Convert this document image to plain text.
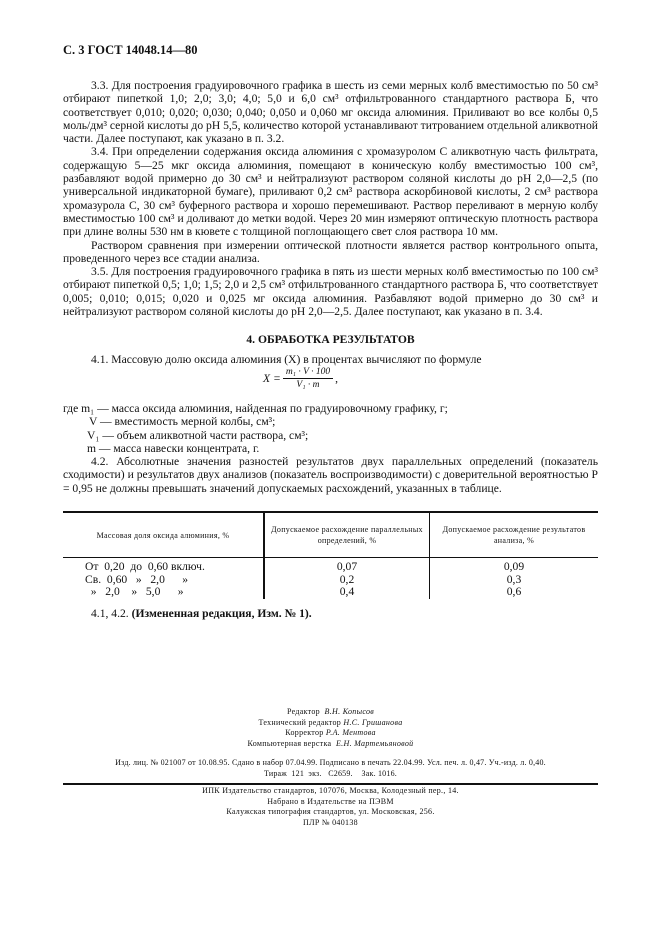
С. 3 ГОСТ 14048.14—80

3.3. Для построения градуировочного графика в шесть из семи мерных колб вместимостью по 50 см³ отбирают пипеткой 1,0; 2,0; 3,0; 4,0; 5,0 и 6,0 см³ отфильтрованного стандартного раствора Б, что соответствует 0,010; 0,020; 0,030; 0,040; 0,050 и 0,060 мг оксида алюминия. Приливают во все колбы 0,5 моль/дм³ серной кислоты до pH 5,5, количество которой устанавливают титрованием отдельной аликвотной части. Далее поступают, как указано в п. 3.2.

3.4. При определении содержания оксида алюминия с хромазуролом С аликвотную часть фильтрата, содержащую 5—25 мкг оксида алюминия, помещают в коническую колбу вместимостью 100 см³, разбавляют водой примерно до 30 см³ и нейтрализуют раствором соляной кислоты до pH 2,0—2,5 (по универсальной индикаторной бумаге), приливают 0,2 см³ раствора аскорбиновой кислоты, 2 см³ раствора хромазурола С, 30 см³ буферного раствора и хорошо перемешивают. Раствор переливают в мерную колбу вместимостью 100 см³ и доливают до метки водой. Через 20 мин измеряют оптическую плотность раствора при длине волны 530 нм в кювете с толщиной поглощающего свет слоя раствора 10 мм.

Раствором сравнения при измерении оптической плотности является раствор контрольного опыта, проведенного через все стадии анализа.

3.5. Для построения градуировочного графика в пять из шести мерных колб вместимостью по 100 см³ отбирают пипеткой 0,5; 1,0; 1,5; 2,0 и 2,5 см³ отфильтрованного стандартного раствора Б, что соответствует 0,005; 0,010; 0,015; 0,020 и 0,025 мг оксида алюминия. Разбавляют водой примерно до 30 см³ и нейтрализуют раствором соляной кислоты до pH 2,0—2,5. Далее поступают, как указано в п. 3.4.

4. ОБРАБОТКА РЕЗУЛЬТАТОВ

4.1. Массовую долю оксида алюминия (X) в процентах вычисляют по формуле

$X = \frac{\text{m₁ · V · 100}}{\text{V₁ · m}}$ ,
где m₁ — масса оксида алюминия, найденная по градуировочному графику, г;
V — вместимость мерной колбы, см³;
V₁ — объем аликвотной части раствора, см³;
m — масса навески концентрата, г.

4.2. Абсолютные значения разностей результатов двух параллельных определений (показатель сходимости) и результатов двух анализов (показатель воспроизводимости) с доверительной вероятностью P = 0,95 не должны превышать значений допускаемых расхождений, указанных в таблице.

Массовая доля оксида алюминия, %	Допускаемое расхождение параллельных определений, %	Допускаемое расхождение результатов анализа, %
От  0,20  до  0,60 включ.	0,07	0,09
Св.  0,60   »   2,0      »	0,2	0,3
»   2,0    »   5,0      »	0,4	0,6
4.1, 4.2. (Измененная редакция, Изм. № 1).
Редактор В.Н. Копысов
Технический редактор Н.С. Гришанова
Корректор Р.А. Ментова
Компьютерная верстка Е.Н. Мартемьяновой
Изд. лиц. № 021007 от 10.08.95. Сдано в набор 07.04.99. Подписано в печать 22.04.99. Усл. печ. л. 0,47. Уч.-изд. л. 0,40.
Тираж  121  экз.   С2659.    Зак. 1016.
ИПК Издательство стандартов, 107076, Москва, Колодезный пер., 14.
Набрано в Издательстве на ПЭВМ
Калужская типография стандартов, ул. Московская, 256.
ПЛР № 040138
